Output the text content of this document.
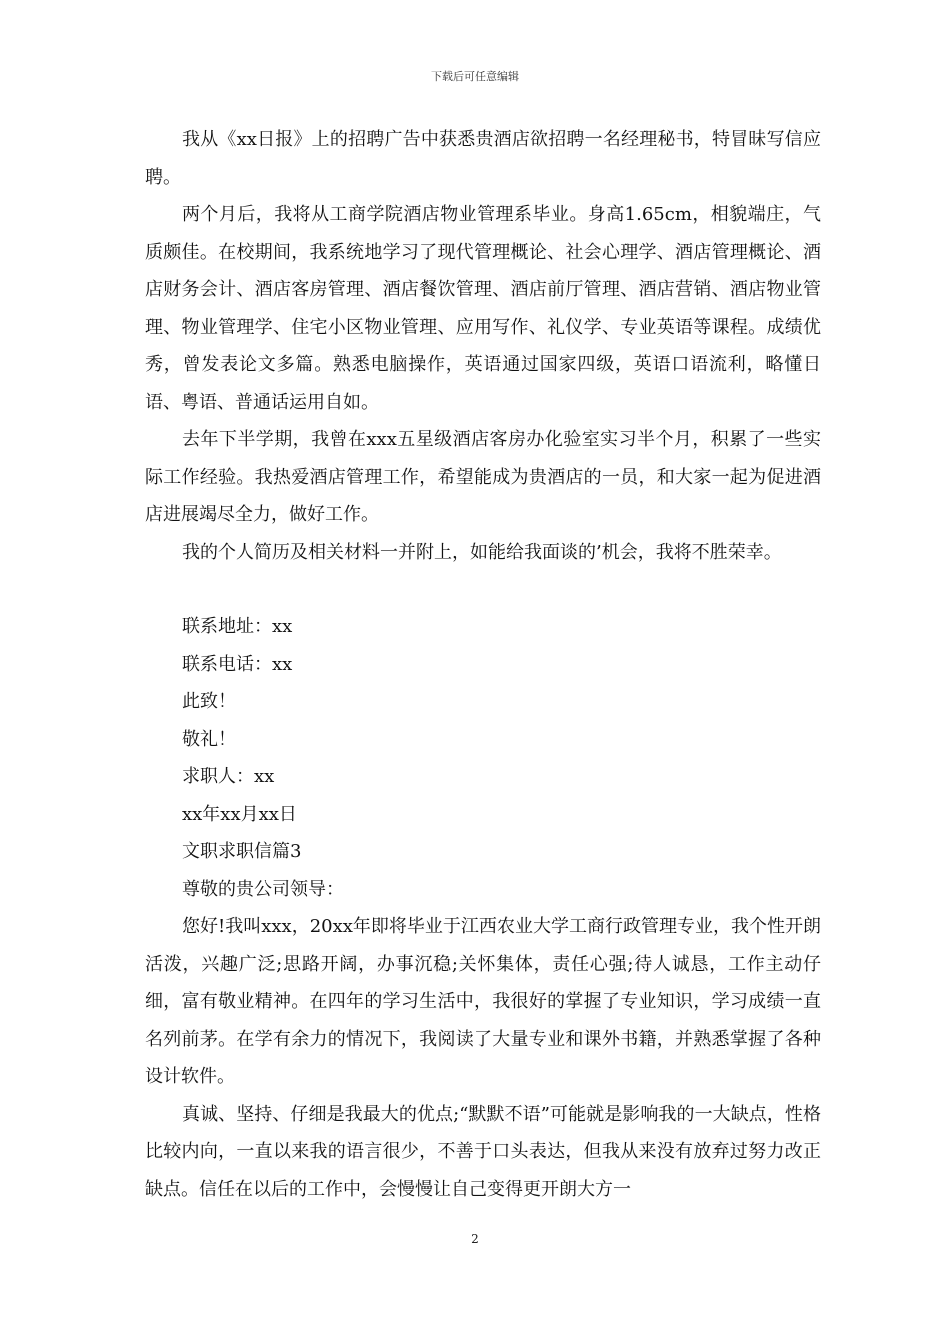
下载后可任意编辑

我从《xx日报》上的招聘广告中获悉贵酒店欲招聘一名经理秘书，特冒昧写信应聘。

两个月后，我将从工商学院酒店物业管理系毕业。身高1.65cm，相貌端庄，气质颇佳。在校期间，我系统地学习了现代管理概论、社会心理学、酒店管理概论、酒店财务会计、酒店客房管理、酒店餐饮管理、酒店前厅管理、酒店营销、酒店物业管理、物业管理学、住宅小区物业管理、应用写作、礼仪学、专业英语等课程。成绩优秀，曾发表论文多篇。熟悉电脑操作，英语通过国家四级，英语口语流利，略懂日语、粤语、普通话运用自如。

去年下半学期，我曾在xxx五星级酒店客房办化验室实习半个月，积累了一些实际工作经验。我热爱酒店管理工作，希望能成为贵酒店的一员，和大家一起为促进酒店进展竭尽全力，做好工作。

我的个人简历及相关材料一并附上，如能给我面谈的’机会，我将不胜荣幸。

联系地址：xx

联系电话：xx

此致！

敬礼！

求职人：xx

xx年xx月xx日

文职求职信篇3

尊敬的贵公司领导：

您好!我叫xxx，20xx年即将毕业于江西农业大学工商行政管理专业，我个性开朗活泼，兴趣广泛;思路开阔，办事沉稳;关怀集体，责任心强;待人诚恳，工作主动仔细，富有敬业精神。在四年的学习生活中，我很好的掌握了专业知识，学习成绩一直名列前茅。在学有余力的情况下，我阅读了大量专业和课外书籍，并熟悉掌握了各种设计软件。

真诚、坚持、仔细是我最大的优点;“默默不语”可能就是影响我的一大缺点，性格比较内向，一直以来我的语言很少，不善于口头表达，但我从来没有放弃过努力改正缺点。信任在以后的工作中，会慢慢让自己变得更开朗大方一

2
